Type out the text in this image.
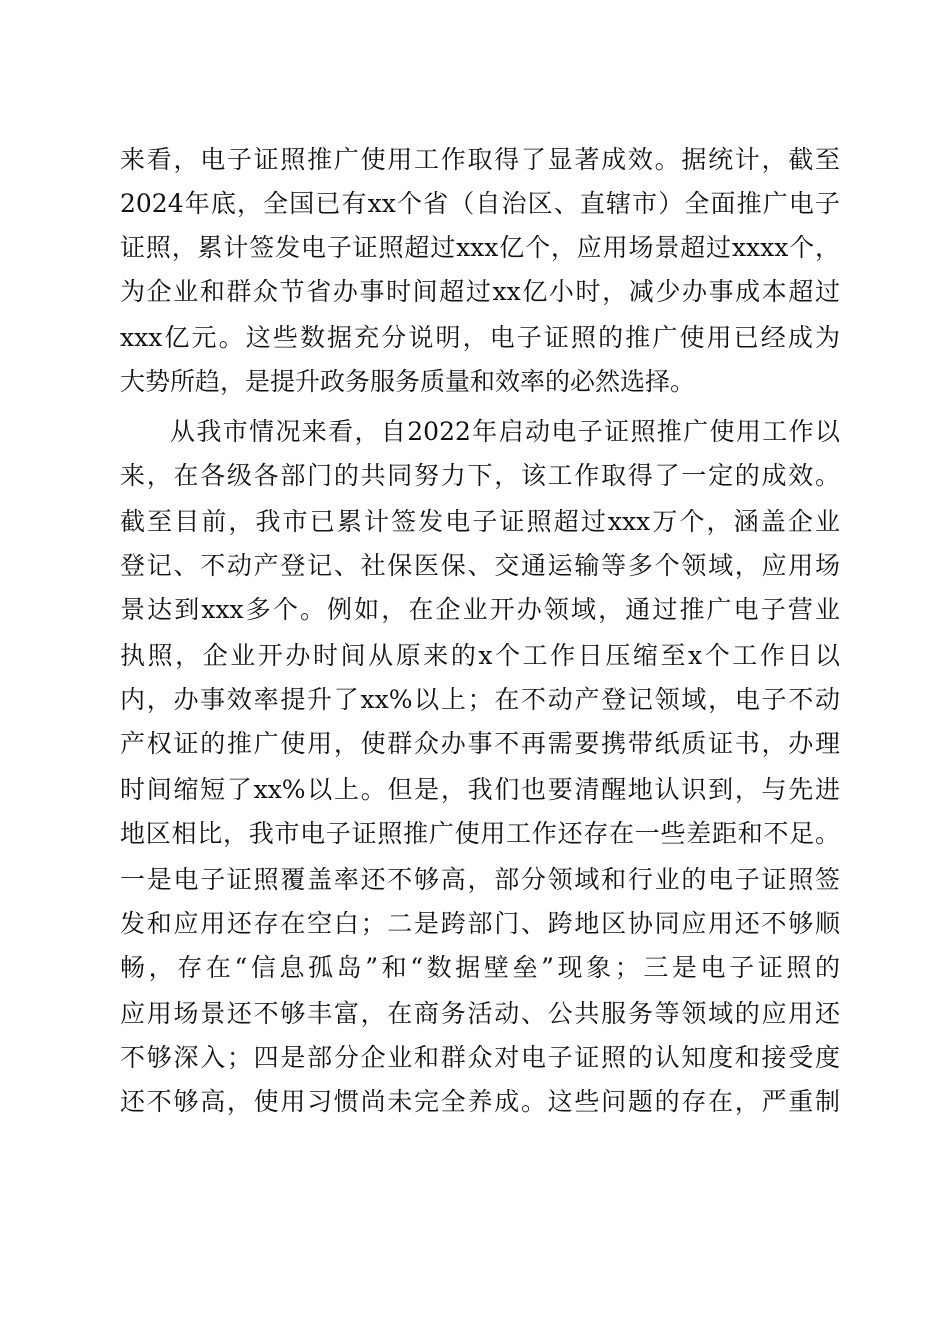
来看，电子证照推广使用工作取得了显著成效。据统计，截至
2024年底，全国已有xx个省（自治区、直辖市）全面推广电子
证照，累计签发电子证照超过xxx亿个，应用场景超过xxxx个，
为企业和群众节省办事时间超过xx亿小时，减少办事成本超过
xxx亿元。这些数据充分说明，电子证照的推广使用已经成为
大势所趋，是提升政务服务质量和效率的必然选择。
从我市情况来看，自2022年启动电子证照推广使用工作以
来，在各级各部门的共同努力下，该工作取得了一定的成效。
截至目前，我市已累计签发电子证照超过xxx万个，涵盖企业
登记、不动产登记、社保医保、交通运输等多个领域，应用场
景达到xxx多个。例如，在企业开办领域，通过推广电子营业
执照，企业开办时间从原来的x个工作日压缩至x个工作日以
内，办事效率提升了xx%以上；在不动产登记领域，电子不动
产权证的推广使用，使群众办事不再需要携带纸质证书，办理
时间缩短了xx%以上。但是，我们也要清醒地认识到，与先进
地区相比，我市电子证照推广使用工作还存在一些差距和不足。
一是电子证照覆盖率还不够高，部分领域和行业的电子证照签
发和应用还存在空白；二是跨部门、跨地区协同应用还不够顺
畅，存在“信息孤岛”和“数据壁垒”现象；三是电子证照的
应用场景还不够丰富，在商务活动、公共服务等领域的应用还
不够深入；四是部分企业和群众对电子证照的认知度和接受度
还不够高，使用习惯尚未完全养成。这些问题的存在，严重制
